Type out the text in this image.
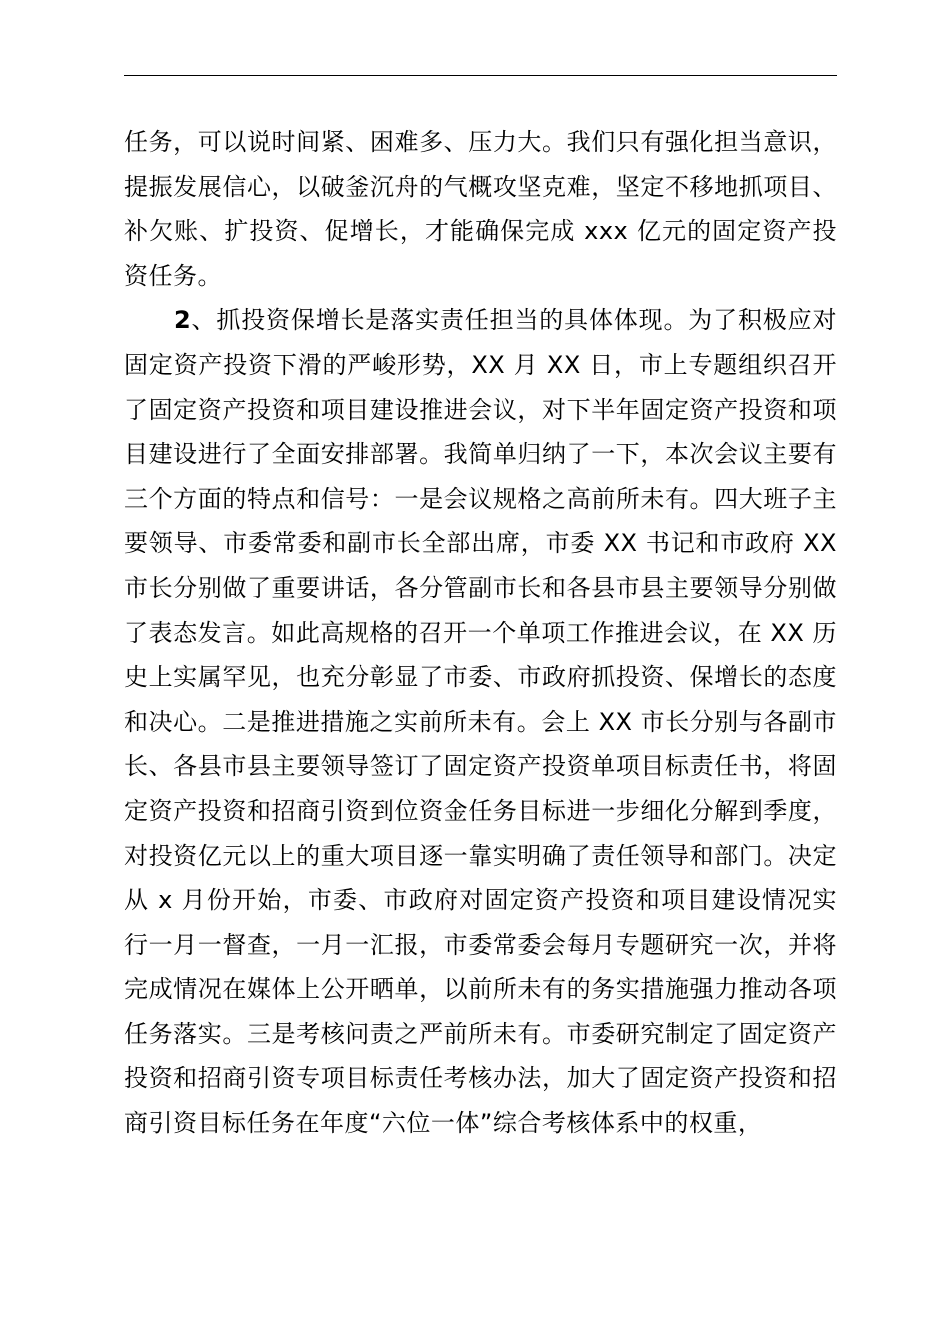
任务，可以说时间紧、困难多、压力大。我们只有强化担当意识，提振发展信心，以破釜沉舟的气概攻坚克难，坚定不移地抓项目、补欠账、扩投资、促增长，才能确保完成 xxx 亿元的固定资产投资任务。

2、抓投资保增长是落实责任担当的具体体现。为了积极应对固定资产投资下滑的严峻形势，XX 月 XX 日，市上专题组织召开了固定资产投资和项目建设推进会议，对下半年固定资产投资和项目建设进行了全面安排部署。我简单归纳了一下，本次会议主要有三个方面的特点和信号：一是会议规格之高前所未有。四大班子主要领导、市委常委和副市长全部出席，市委 XX 书记和市政府 XX 市长分别做了重要讲话，各分管副市长和各县市县主要领导分别做了表态发言。如此高规格的召开一个单项工作推进会议，在 XX 历史上实属罕见，也充分彰显了市委、市政府抓投资、保增长的态度和决心。二是推进措施之实前所未有。会上 XX 市长分别与各副市长、各县市县主要领导签订了固定资产投资单项目标责任书，将固定资产投资和招商引资到位资金任务目标进一步细化分解到季度，对投资亿元以上的重大项目逐一靠实明确了责任领导和部门。决定从 x 月份开始，市委、市政府对固定资产投资和项目建设情况实行一月一督查，一月一汇报，市委常委会每月专题研究一次，并将完成情况在媒体上公开晒单，以前所未有的务实措施强力推动各项任务落实。三是考核问责之严前所未有。市委研究制定了固定资产投资和招商引资专项目标责任考核办法，加大了固定资产投资和招商引资目标任务在年度“六位一体”综合考核体系中的权重，
